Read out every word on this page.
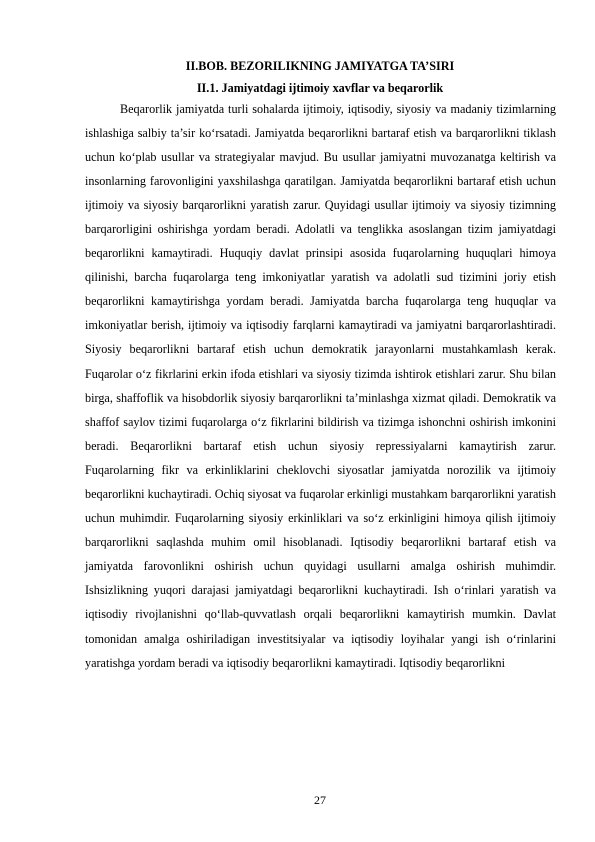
II.BOB. BEZORILIKNING JAMIYATGA TA’SIRI

II.1. Jamiyatdagi ijtimoiy xavflar va beqarorlik

Beqarorlik jamiyatda turli sohalarda ijtimoiy, iqtisodiy, siyosiy va madaniy tizimlarning ishlashiga salbiy ta’sir ko‘rsatadi. Jamiyatda beqarorlikni bartaraf etish va barqarorlikni tiklash uchun ko‘plab usullar va strategiyalar mavjud. Bu usullar jamiyatni muvozanatga keltirish va insonlarning farovonligini yaxshilashga qaratilgan. Jamiyatda beqarorlikni bartaraf etish uchun ijtimoiy va siyosiy barqarorlikni yaratish zarur. Quyidagi usullar ijtimoiy va siyosiy tizimning barqarorligini oshirishga yordam beradi. Adolatli va tenglikka asoslangan tizim jamiyatdagi beqarorlikni kamaytiradi. Huquqiy davlat prinsipi asosida fuqarolarning huquqlari himoya qilinishi, barcha fuqarolarga teng imkoniyatlar yaratish va adolatli sud tizimini joriy etish beqarorlikni kamaytirishga yordam beradi. Jamiyatda barcha fuqarolarga teng huquqlar va imkoniyatlar berish, ijtimoiy va iqtisodiy farqlarni kamaytiradi va jamiyatni barqarorlashtiradi. Siyosiy beqarorlikni bartaraf etish uchun demokratik jarayonlarni mustahkamlash kerak. Fuqarolar o‘z fikrlarini erkin ifoda etishlari va siyosiy tizimda ishtirok etishlari zarur. Shu bilan birga, shaffoflik va hisobdorlik siyosiy barqarorlikni ta’minlashga xizmat qiladi. Demokratik va shaffof saylov tizimi fuqarolarga o‘z fikrlarini bildirish va tizimga ishonchni oshirish imkonini beradi. Beqarorlikni bartaraf etish uchun siyosiy repressiyalarni kamaytirish zarur. Fuqarolarning fikr va erkinliklarini cheklovchi siyosatlar jamiyatda norozilik va ijtimoiy beqarorlikni kuchaytiradi. Ochiq siyosat va fuqarolar erkinligi mustahkam barqarorlikni yaratish uchun muhimdir. Fuqarolarning siyosiy erkinliklari va so‘z erkinligini himoya qilish ijtimoiy barqarorlikni saqlashda muhim omil hisoblanadi. Iqtisodiy beqarorlikni bartaraf etish va jamiyatda farovonlikni oshirish uchun quyidagi usullarni amalga oshirish muhimdir. Ishsizlikning yuqori darajasi jamiyatdagi beqarorlikni kuchaytiradi. Ish o‘rinlari yaratish va iqtisodiy rivojlanishni qo‘llab-quvvatlash orqali beqarorlikni kamaytirish mumkin. Davlat tomonidan amalga oshiriladigan investitsiyalar va iqtisodiy loyihalar yangi ish o‘rinlarini yaratishga yordam beradi va iqtisodiy beqarorlikni kamaytiradi. Iqtisodiy beqarorlikni

27
